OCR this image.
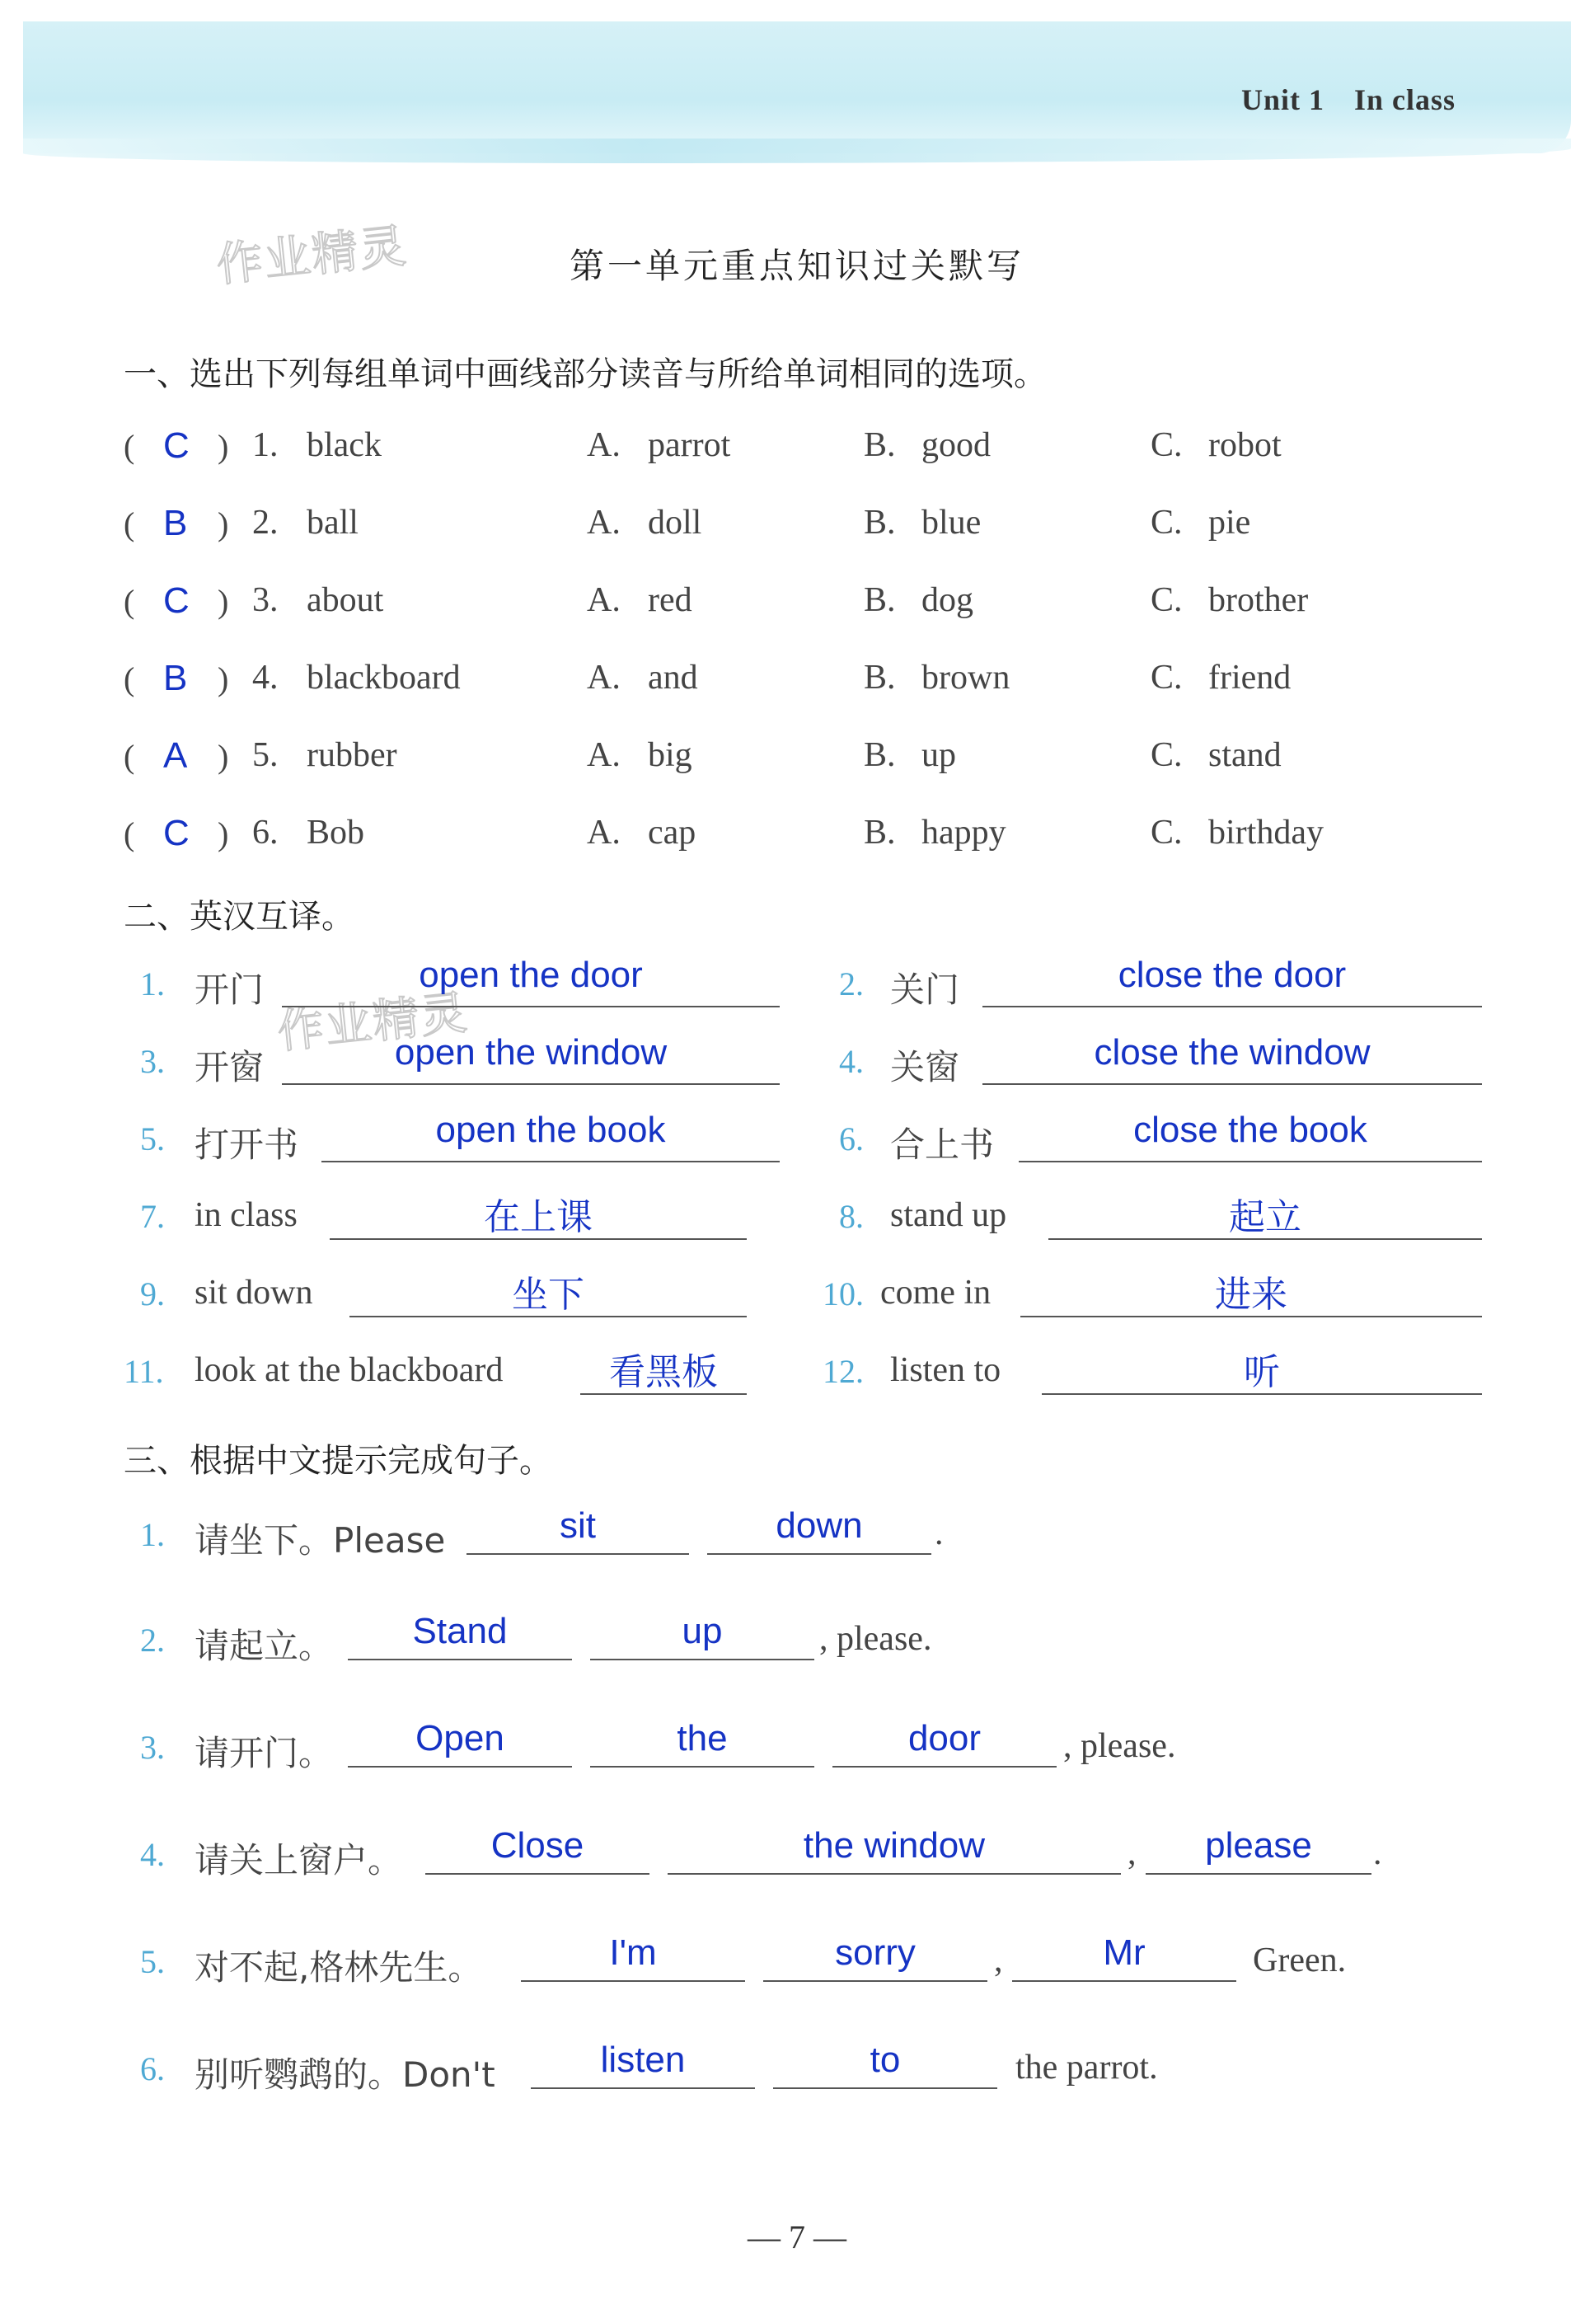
Unit 1 In class
作业精灵
作业精灵
第一单元重点知识过关默写
一、选出下列每组单词中画线部分读音与所给单词相同的选项。
( C ) 1. black	A. parrot	B. good	C. robot
( B ) 2. ball	A. doll	B. blue	C. pie
( C ) 3. about	A. red	B. dog	C. brother
( B ) 4. blackboard	A. and	B. brown	C. friend
( A ) 5. rubber	A. big	B. up	C. stand
( C ) 6. Bob	A. cap	B. happy	C. birthday
二、英汉互译。
1. 开门	open the door	2. 关门	close the door
3. 开窗	open the window	4. 关窗	close the window
5. 打开书	open the book	6. 合上书	close the book
7. in class	在上课	8. stand up	起立
9. sit down	坐下	10. come in	进来
11. look at the blackboard	看黑板	12. listen to	听
三、根据中文提示完成句子。
1. 请坐下。Please	sit	down	.
2. 请起立。	Stand	up	, please.
3. 请开门。	Open	the	door	, please.
4. 请关上窗户。	Close	the window	,	please	.
5. 对不起,格林先生。	I'm	sorry	,	Mr	Green.
6. 别听鹦鹉的。Don't	listen	to	the parrot.
— 7 —
